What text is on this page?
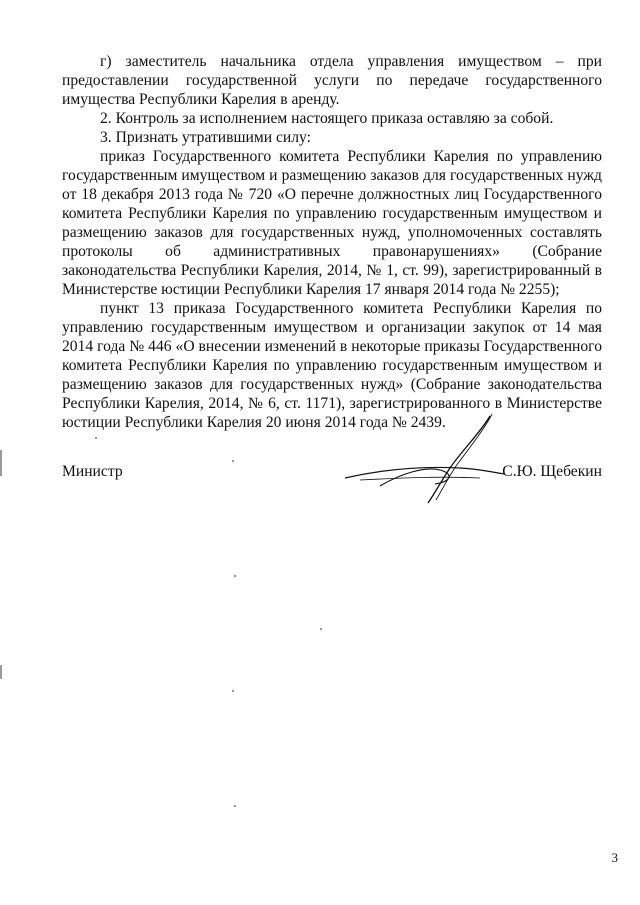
г) заместитель начальника отдела управления имуществом – при предоставлении государственной услуги по передаче государственного имущества Республики Карелия в аренду.

2. Контроль за исполнением настоящего приказа оставляю за собой.

3. Признать утратившими силу:

приказ Государственного комитета Республики Карелия по управлению государственным имуществом и размещению заказов для государственных нужд от 18 декабря 2013 года № 720 «О перечне должностных лиц Государственного комитета Республики Карелия по управлению государственным имуществом и размещению заказов для государственных нужд, уполномоченных составлять протоколы об административных правонарушениях» (Собрание законодательства Республики Карелия, 2014, № 1, ст. 99), зарегистрированный в Министерстве юстиции Республики Карелия 17 января 2014 года № 2255);

пункт 13 приказа Государственного комитета Республики Карелия по управлению государственным имуществом и организации закупок от 14 мая 2014 года № 446 «О внесении изменений в некоторые приказы Государственного комитета Республики Карелия по управлению государственным имуществом и размещению заказов для государственных нужд» (Собрание законодательства Республики Карелия, 2014, № 6, ст. 1171), зарегистрированного в Министерстве юстиции Республики Карелия 20 июня 2014 года № 2439.

Министр	С.Ю. Щебекин
3
